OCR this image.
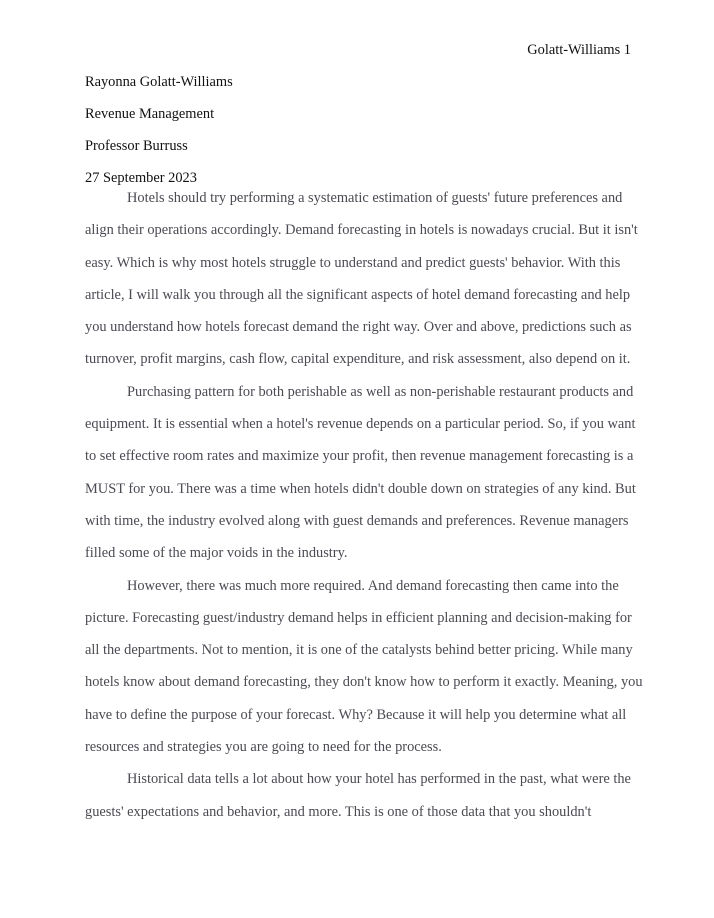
Golatt-Williams 1

Rayonna Golatt-Williams

Revenue Management

Professor Burruss

27 September 2023

Hotels should try performing a systematic estimation of guests' future preferences and
align their operations accordingly. Demand forecasting in hotels is nowadays crucial. But it isn't
easy. Which is why most hotels struggle to understand and predict guests' behavior. With this
article, I will walk you through all the significant aspects of hotel demand forecasting and help
you understand how hotels forecast demand the right way. Over and above, predictions such as
turnover, profit margins, cash flow, capital expenditure, and risk assessment, also depend on it.
Purchasing pattern for both perishable as well as non-perishable restaurant products and
equipment. It is essential when a hotel's revenue depends on a particular period. So, if you want
to set effective room rates and maximize your profit, then revenue management forecasting is a
MUST for you. There was a time when hotels didn't double down on strategies of any kind. But
with time, the industry evolved along with guest demands and preferences. Revenue managers
filled some of the major voids in the industry.
However, there was much more required. And demand forecasting then came into the
picture. Forecasting guest/industry demand helps in efficient planning and decision-making for
all the departments. Not to mention, it is one of the catalysts behind better pricing. While many
hotels know about demand forecasting, they don't know how to perform it exactly. Meaning, you
have to define the purpose of your forecast. Why? Because it will help you determine what all
resources and strategies you are going to need for the process.
Historical data tells a lot about how your hotel has performed in the past, what were the
guests' expectations and behavior, and more. This is one of those data that you shouldn't
